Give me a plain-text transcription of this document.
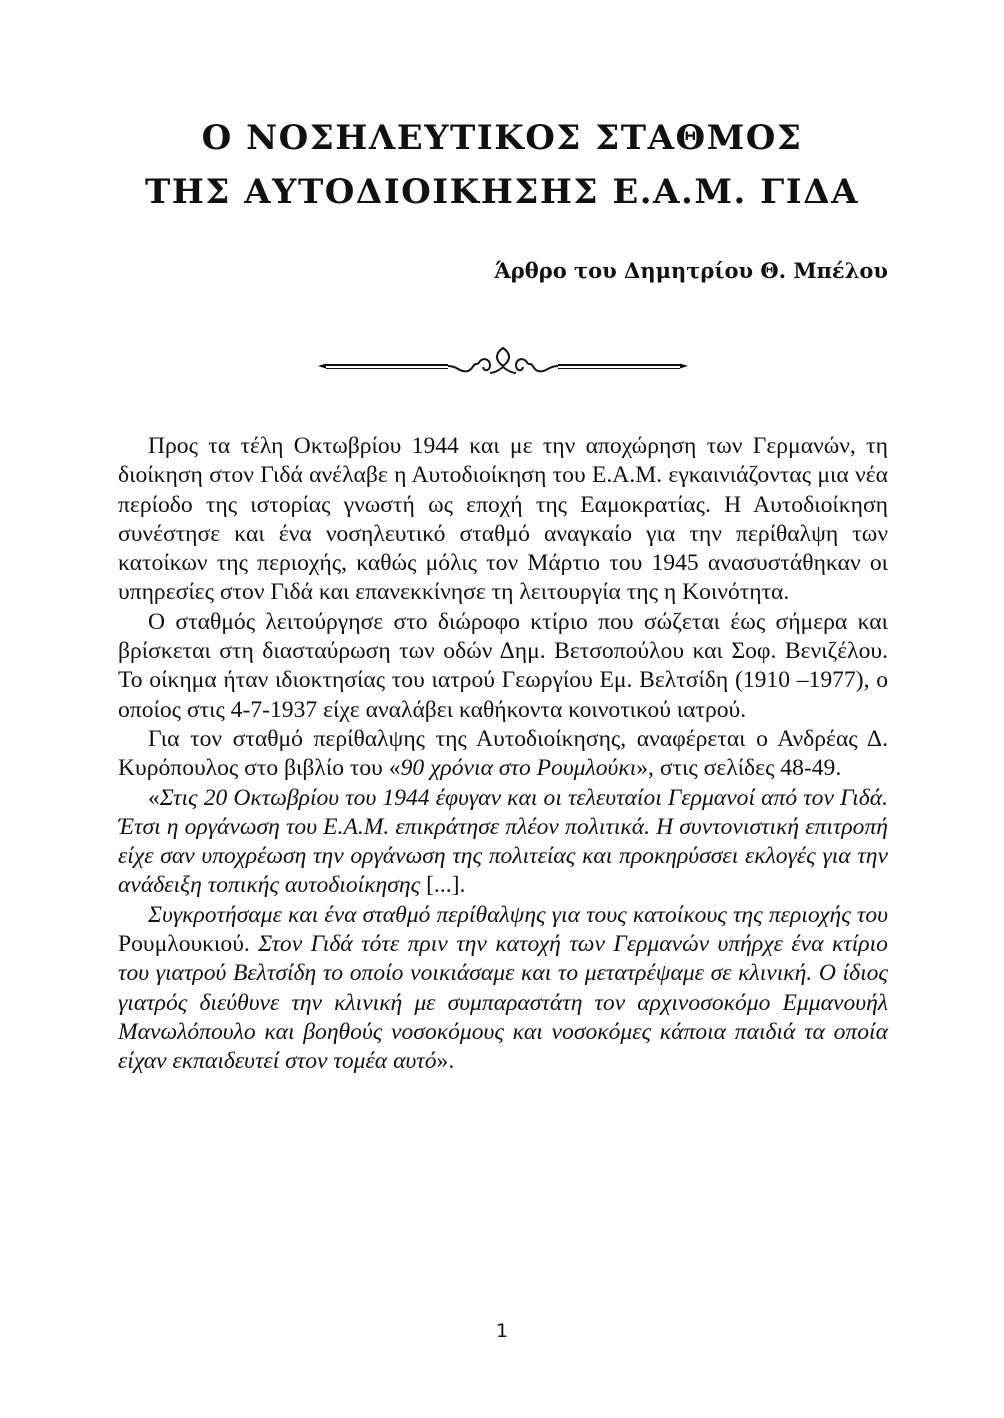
Ο ΝΟΣΗΛΕΥΤΙΚΟΣ ΣΤΑΘΜΟΣ
ΤΗΣ ΑΥΤΟΔΙΟΙΚΗΣΗΣ Ε.Α.Μ. ΓΙΔΑ

Άρθρο του Δημητρίου Θ. Μπέλου

Προς τα τέλη Οκτωβρίου 1944 και με την αποχώρηση των Γερμανών, τη διοίκηση στον Γιδά ανέλαβε η Αυτοδιοίκηση του Ε.Α.Μ. εγκαινιάζοντας μια νέα περίοδο της ιστορίας γνωστή ως εποχή της Εαμοκρατίας. Η Αυτοδιοίκηση συνέστησε και ένα νοσηλευτικό σταθμό αναγκαίο για την περίθαλψη των κατοίκων της περιοχής, καθώς μόλις τον Μάρτιο του 1945 ανασυστάθηκαν οι υπηρεσίες στον Γιδά και επανεκκίνησε τη λειτουργία της η Κοινότητα.

Ο σταθμός λειτούργησε στο διώροφο κτίριο που σώζεται έως σήμερα και βρίσκεται στη διασταύρωση των οδών Δημ. Βετσοπούλου και Σοφ. Βενιζέλου. Το οίκημα ήταν ιδιοκτησίας του ιατρού Γεωργίου Εμ. Βελτσίδη (1910 –1977), ο οποίος στις 4-7-1937 είχε αναλάβει καθήκοντα κοινοτικού ιατρού.

Για τον σταθμό περίθαλψης της Αυτοδιοίκησης, αναφέρεται ο Ανδρέας Δ. Κυρόπουλος στο βιβλίο του «90 χρόνια στο Ρουμλούκι», στις σελίδες 48-49.

«Στις 20 Οκτωβρίου του 1944 έφυγαν και οι τελευταίοι Γερμανοί από τον Γιδά. Έτσι η οργάνωση του Ε.Α.Μ. επικράτησε πλέον πολιτικά. Η συντονιστική επιτροπή είχε σαν υποχρέωση την οργάνωση της πολιτείας και προκηρύσσει εκλογές για την ανάδειξη τοπικής αυτοδιοίκησης [...].

Συγκροτήσαμε και ένα σταθμό περίθαλψης για τους κατοίκους της περιοχής του Ρουμλουκιού. Στον Γιδά τότε πριν την κατοχή των Γερμανών υπήρχε ένα κτίριο του γιατρού Βελτσίδη το οποίο νοικιάσαμε και το μετατρέψαμε σε κλινική. Ο ίδιος γιατρός διεύθυνε την κλινική με συμπαραστάτη τον αρχινοσοκόμο Εμμανουήλ Μανωλόπουλο και βοηθούς νοσοκόμους και νοσοκόμες κάποια παιδιά τα οποία είχαν εκπαιδευτεί στον τομέα αυτό».

1
